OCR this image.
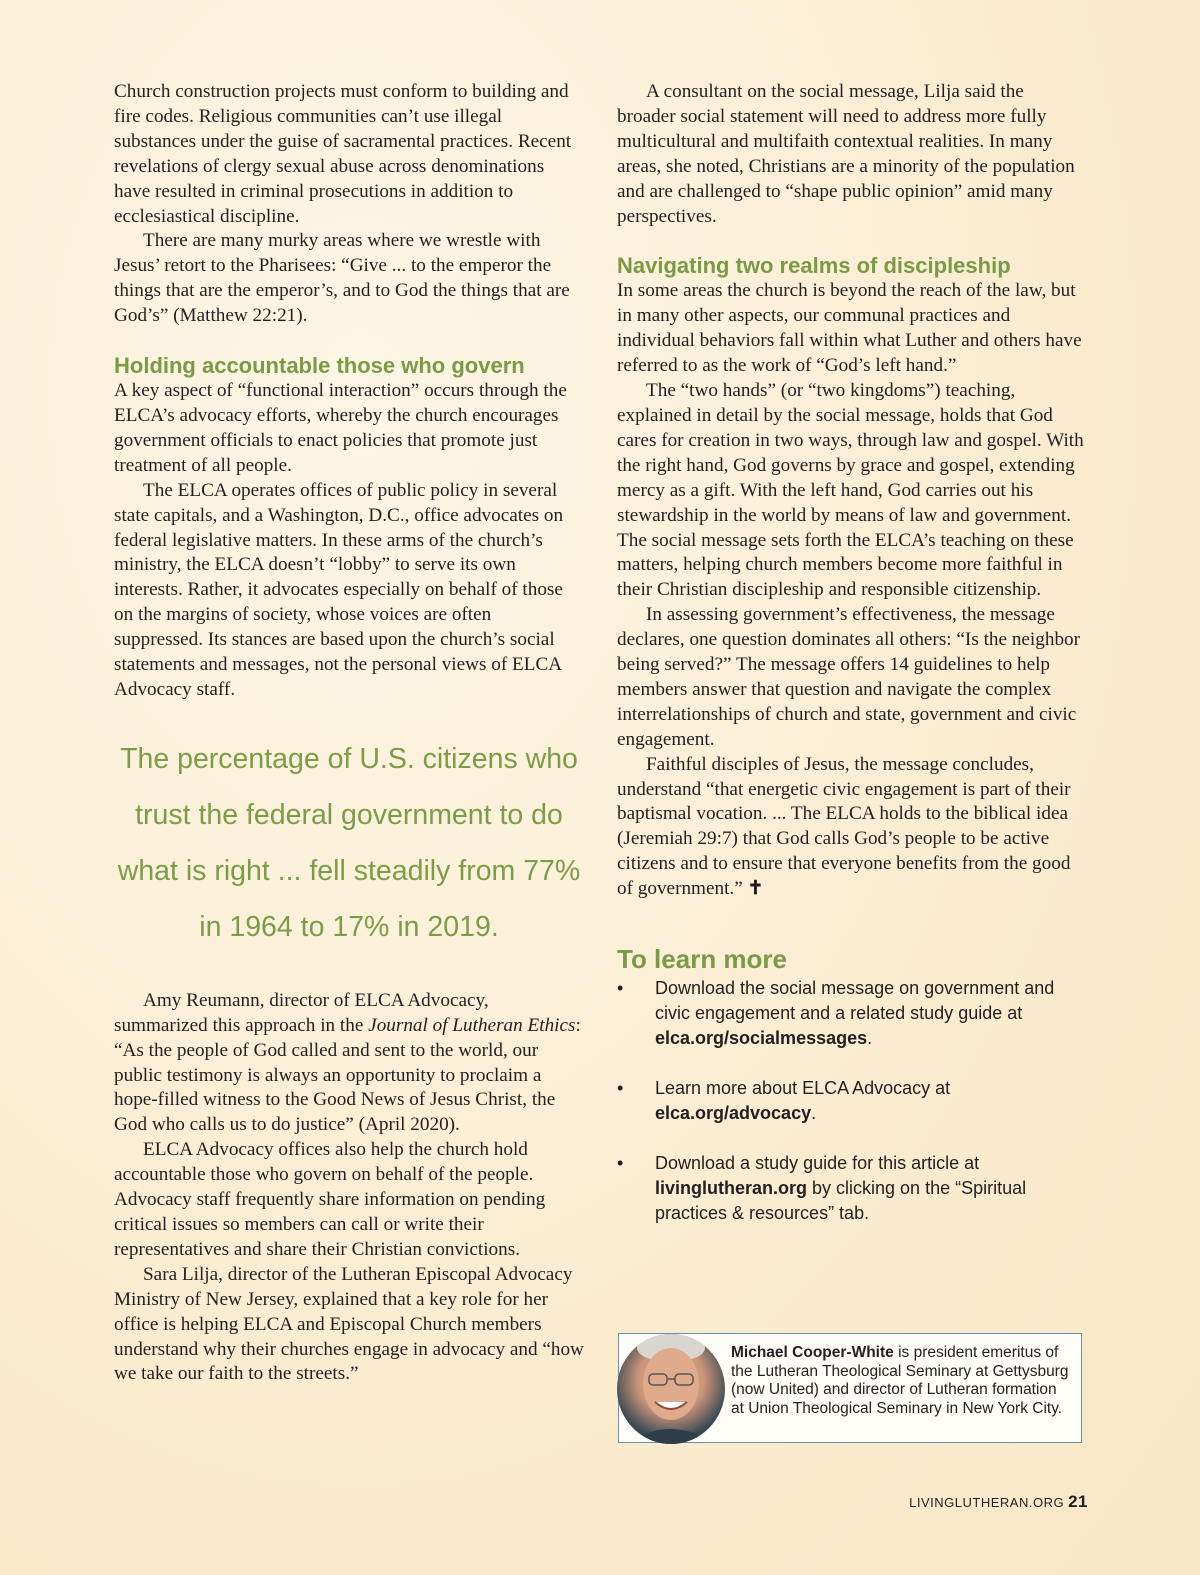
Church construction projects must conform to building and fire codes. Religious communities can’t use illegal substances under the guise of sacramental practices. Recent revelations of clergy sexual abuse across denominations have resulted in criminal prosecutions in addition to ecclesiastical discipline.

There are many murky areas where we wrestle with Jesus’ retort to the Pharisees: “Give ... to the emperor the things that are the emperor’s, and to God the things that are God’s” (Matthew 22:21).

Holding accountable those who govern

A key aspect of “functional interaction” occurs through the ELCA’s advocacy efforts, whereby the church encourages government officials to enact policies that promote just treatment of all people.

The ELCA operates offices of public policy in several state capitals, and a Washington, D.C., office advocates on federal legislative matters. In these arms of the church’s ministry, the ELCA doesn’t “lobby” to serve its own interests. Rather, it advocates especially on behalf of those on the margins of society, whose voices are often suppressed. Its stances are based upon the church’s social statements and messages, not the personal views of ELCA Advocacy staff.

The percentage of U.S. citizens who trust the federal government to do what is right ... fell steadily from 77% in 1964 to 17% in 2019.

Amy Reumann, director of ELCA Advocacy, summarized this approach in the Journal of Lutheran Ethics: “As the people of God called and sent to the world, our public testimony is always an opportunity to proclaim a hope-filled witness to the Good News of Jesus Christ, the God who calls us to do justice” (April 2020).

ELCA Advocacy offices also help the church hold accountable those who govern on behalf of the people. Advocacy staff frequently share information on pending critical issues so members can call or write their representatives and share their Christian convictions.

Sara Lilja, director of the Lutheran Episcopal Advocacy Ministry of New Jersey, explained that a key role for her office is helping ELCA and Episcopal Church members understand why their churches engage in advocacy and “how we take our faith to the streets.”

A consultant on the social message, Lilja said the broader social statement will need to address more fully multicultural and multifaith contextual realities. In many areas, she noted, Christians are a minority of the population and are challenged to “shape public opinion” amid many perspectives.

Navigating two realms of discipleship

In some areas the church is beyond the reach of the law, but in many other aspects, our communal practices and individual behaviors fall within what Luther and others have referred to as the work of “God’s left hand.”

The “two hands” (or “two kingdoms”) teaching, explained in detail by the social message, holds that God cares for creation in two ways, through law and gospel. With the right hand, God governs by grace and gospel, extending mercy as a gift. With the left hand, God carries out his stewardship in the world by means of law and government. The social message sets forth the ELCA’s teaching on these matters, helping church members become more faithful in their Christian discipleship and responsible citizenship.

In assessing government’s effectiveness, the message declares, one question dominates all others: “Is the neighbor being served?” The message offers 14 guidelines to help members answer that question and navigate the complex interrelationships of church and state, government and civic engagement.

Faithful disciples of Jesus, the message concludes, understand “that energetic civic engagement is part of their baptismal vocation. ... The ELCA holds to the biblical idea (Jeremiah 29:7) that God calls God’s people to be active citizens and to ensure that everyone benefits from the good of government.” ✝

To learn more
• Download the social message on government and civic engagement and a related study guide at elca.org/socialmessages.
• Learn more about ELCA Advocacy at elca.org/advocacy.
• Download a study guide for this article at livinglutheran.org by clicking on the “Spiritual practices & resources” tab.
Michael Cooper-White is president emeritus of the Lutheran Theological Seminary at Gettysburg (now United) and director of Lutheran formation at Union Theological Seminary in New York City.
LIVINGLUTHERAN.ORG 21
